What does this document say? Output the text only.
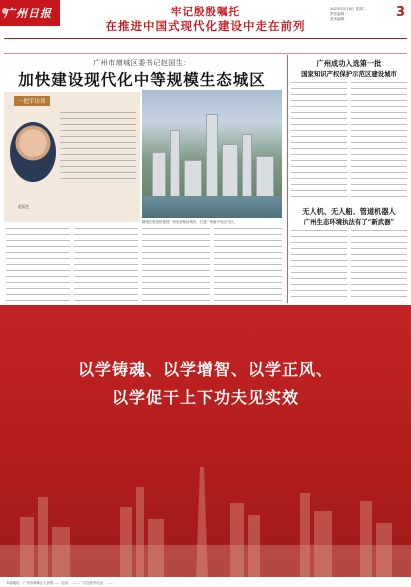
广州日报	牢记殷殷嘱托
在推进中国式现代化建设中走在前列
2023年5月8日 星期二
责任编辑：
美术编辑：	3
广州市增城区委书记赵国生：
加快建设现代化中等规模生态城区
一把手访谈
赵国生
增城区将加快建设广州东部枢纽城市，打造广州新中央活力区。
广州成功入选第一批
国家知识产权保护示范区建设城市
无人机、无人船、管道机器人
广州生态环境执法有了“新武器”
以学铸魂、以学增智、以学正风、
以学促干上下功夫见实效
本版地址：广州市海珠区人民路…… 电话：…… 广告经营许可证：……
